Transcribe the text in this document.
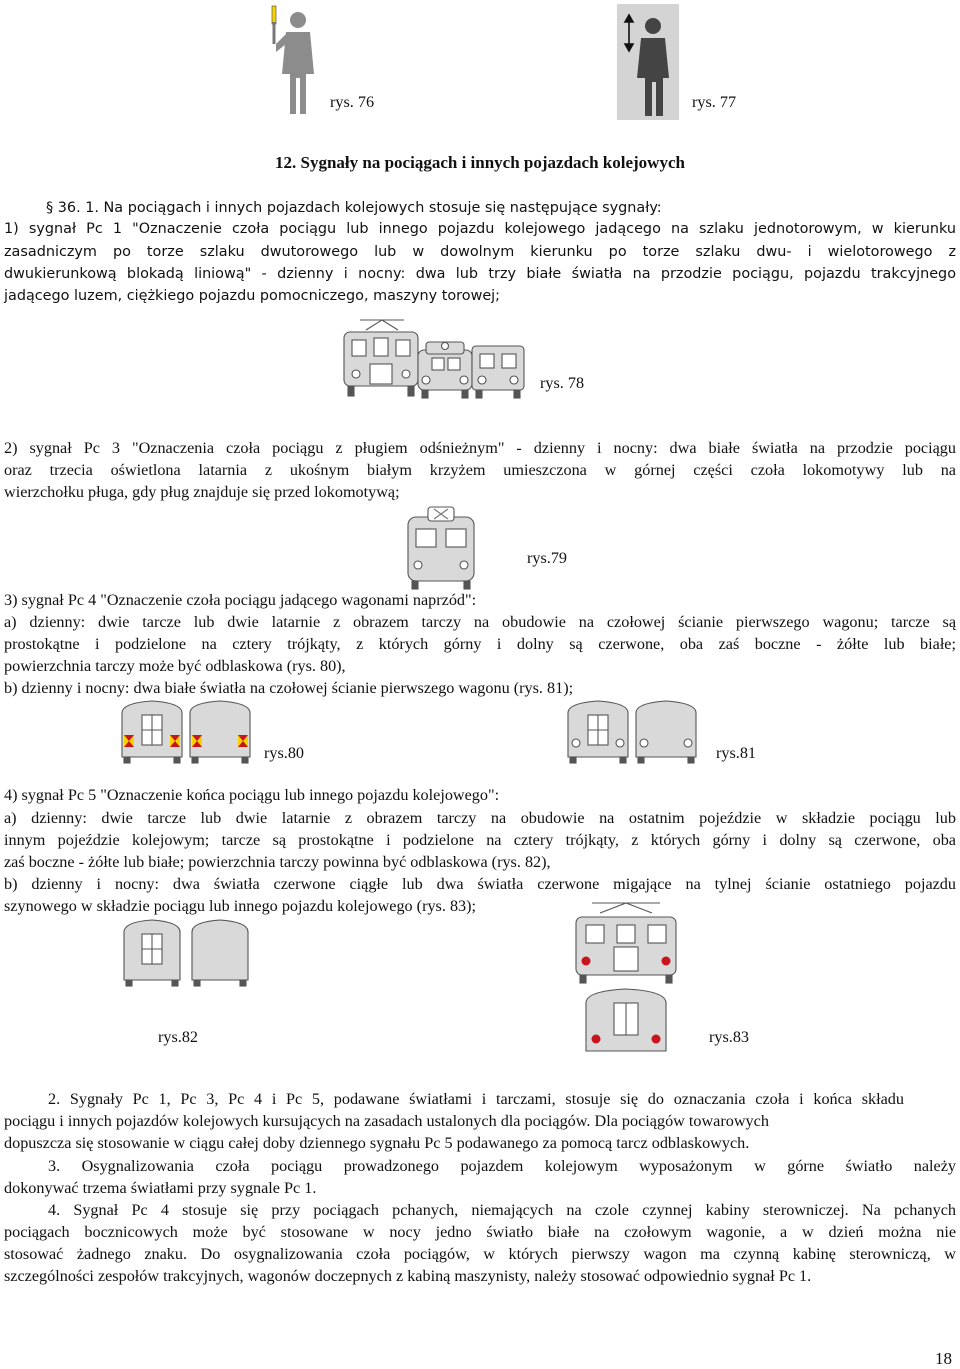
rys. 76	rys. 77
12. Sygnały na pociągach i innych pojazdach kolejowych
§ 36. 1. Na pociągach i innych pojazdach kolejowych stosuje się następujące sygnały:
1) sygnał Pc 1 "Oznaczenie czoła pociągu lub innego pojazdu kolejowego jadącego na szlaku jednotorowym, w kierunku
zasadniczym po torze szlaku dwutorowego lub w dowolnym kierunku po torze szlaku dwu- i wielotorowego z
dwukierunkową blokadą liniową" - dzienny i nocny: dwa lub trzy białe światła na przodzie pociągu, pojazdu trakcyjnego
jadącego luzem, ciężkiego pojazdu pomocniczego, maszyny torowej;
rys. 78
2) sygnał Pc 3 "Oznaczenia czoła pociągu z pługiem odśnieżnym" - dzienny i nocny: dwa białe światła na przodzie pociągu
oraz trzecia oświetlona latarnia z ukośnym białym krzyżem umieszczona w górnej części czoła lokomotywy lub na
wierzchołku pługa, gdy pług znajduje się przed lokomotywą;
rys.79
3) sygnał Pc 4 "Oznaczenie czoła pociągu jadącego wagonami naprzód":
a) dzienny: dwie tarcze lub dwie latarnie z obrazem tarczy na obudowie na czołowej ścianie pierwszego wagonu; tarcze są
prostokątne i podzielone na cztery trójkąty, z których górny i dolny są czerwone, oba zaś boczne - żółte lub białe;
powierzchnia tarczy może być odblaskowa (rys. 80),
b) dzienny i nocny: dwa białe światła na czołowej ścianie pierwszego wagonu (rys. 81);
rys.80	rys.81
4) sygnał Pc 5 "Oznaczenie końca pociągu lub innego pojazdu kolejowego":
a) dzienny: dwie tarcze lub dwie latarnie z obrazem tarczy na obudowie na ostatnim pojeździe w składzie pociągu lub
innym pojeździe kolejowym; tarcze są prostokątne i podzielone na cztery trójkąty, z których górny i dolny są czerwone, oba
zaś boczne - żółte lub białe; powierzchnia tarczy powinna być odblaskowa (rys. 82),
b) dzienny i nocny: dwa światła czerwone ciągłe lub dwa światła czerwone migające na tylnej ścianie ostatniego pojazdu
szynowego w składzie pociągu lub innego pojazdu kolejowego (rys. 83);
rys.82	rys.83
2. Sygnały Pc 1, Pc 3, Pc 4 i Pc 5, podawane światłami i tarczami, stosuje się do oznaczania czoła i końca składu
pociągu i innych pojazdów kolejowych kursujących na zasadach ustalonych dla pociągów. Dla pociągów towarowych
dopuszcza się stosowanie w ciągu całej doby dziennego sygnału Pc 5 podawanego za pomocą tarcz odblaskowych.
3. Osygnalizowania czoła pociągu prowadzonego pojazdem kolejowym wyposażonym w górne światło należy
dokonywać trzema światłami przy sygnale Pc 1.
4. Sygnał Pc 4 stosuje się przy pociągach pchanych, niemających na czole czynnej kabiny sterowniczej. Na pchanych
pociągach bocznicowych może być stosowane w nocy jedno światło białe na czołowym wagonie, a w dzień można nie
stosować żadnego znaku. Do osygnalizowania czoła pociągów, w których pierwszy wagon ma czynną kabinę sterowniczą, w
szczególności zespołów trakcyjnych, wagonów doczepnych z kabiną maszynisty, należy stosować odpowiednio sygnał Pc 1.
18
